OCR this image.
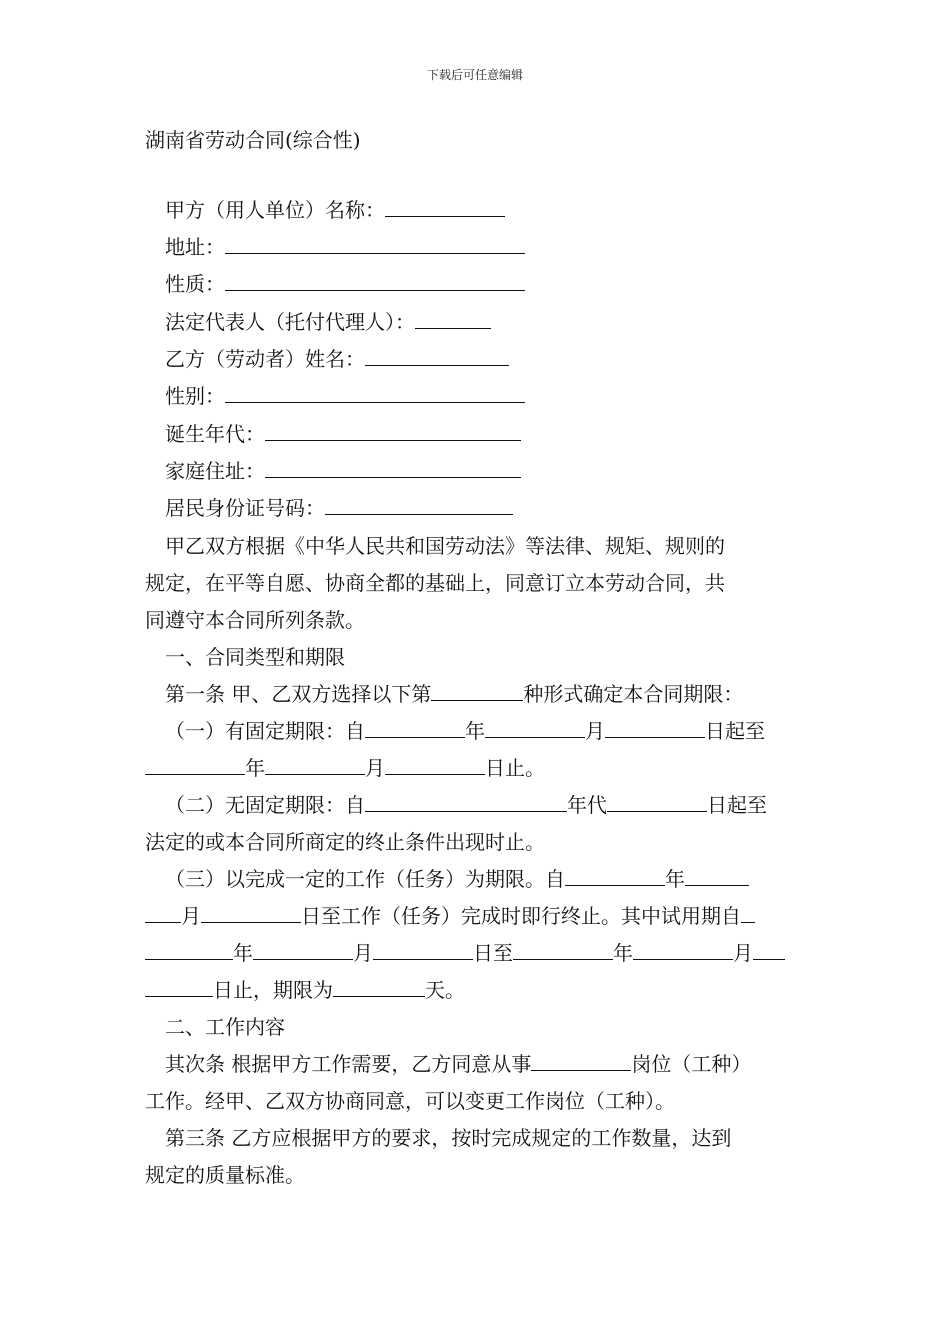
下载后可任意编辑
湖南省劳动合同(综合性)
甲方（用人单位）名称：
地址：
性质：
法定代表人（托付代理人）：
乙方（劳动者）姓名：
性别：
诞生年代：
家庭住址：
居民身份证号码：
甲乙双方根据《中华人民共和国劳动法》等法律、规矩、规则的
规定，在平等自愿、协商全都的基础上，同意订立本劳动合同，共
同遵守本合同所列条款。
一、合同类型和期限
第一条 甲、乙双方选择以下第	种形式确定本合同期限：
（一）有固定期限：自	年	月	日起至
年	月	日止。
（二）无固定期限：自	年代	日起至
法定的或本合同所商定的终止条件出现时止。
（三）以完成一定的工作（任务）为期限。自	年
月	日至工作（任务）完成时即行终止。其中试用期自
年	月	日至	年	月
日止，期限为	天。
二、工作内容
其次条 根据甲方工作需要，乙方同意从事	岗位（工种）
工作。经甲、乙双方协商同意，可以变更工作岗位（工种）。
第三条 乙方应根据甲方的要求，按时完成规定的工作数量，达到
规定的质量标准。
